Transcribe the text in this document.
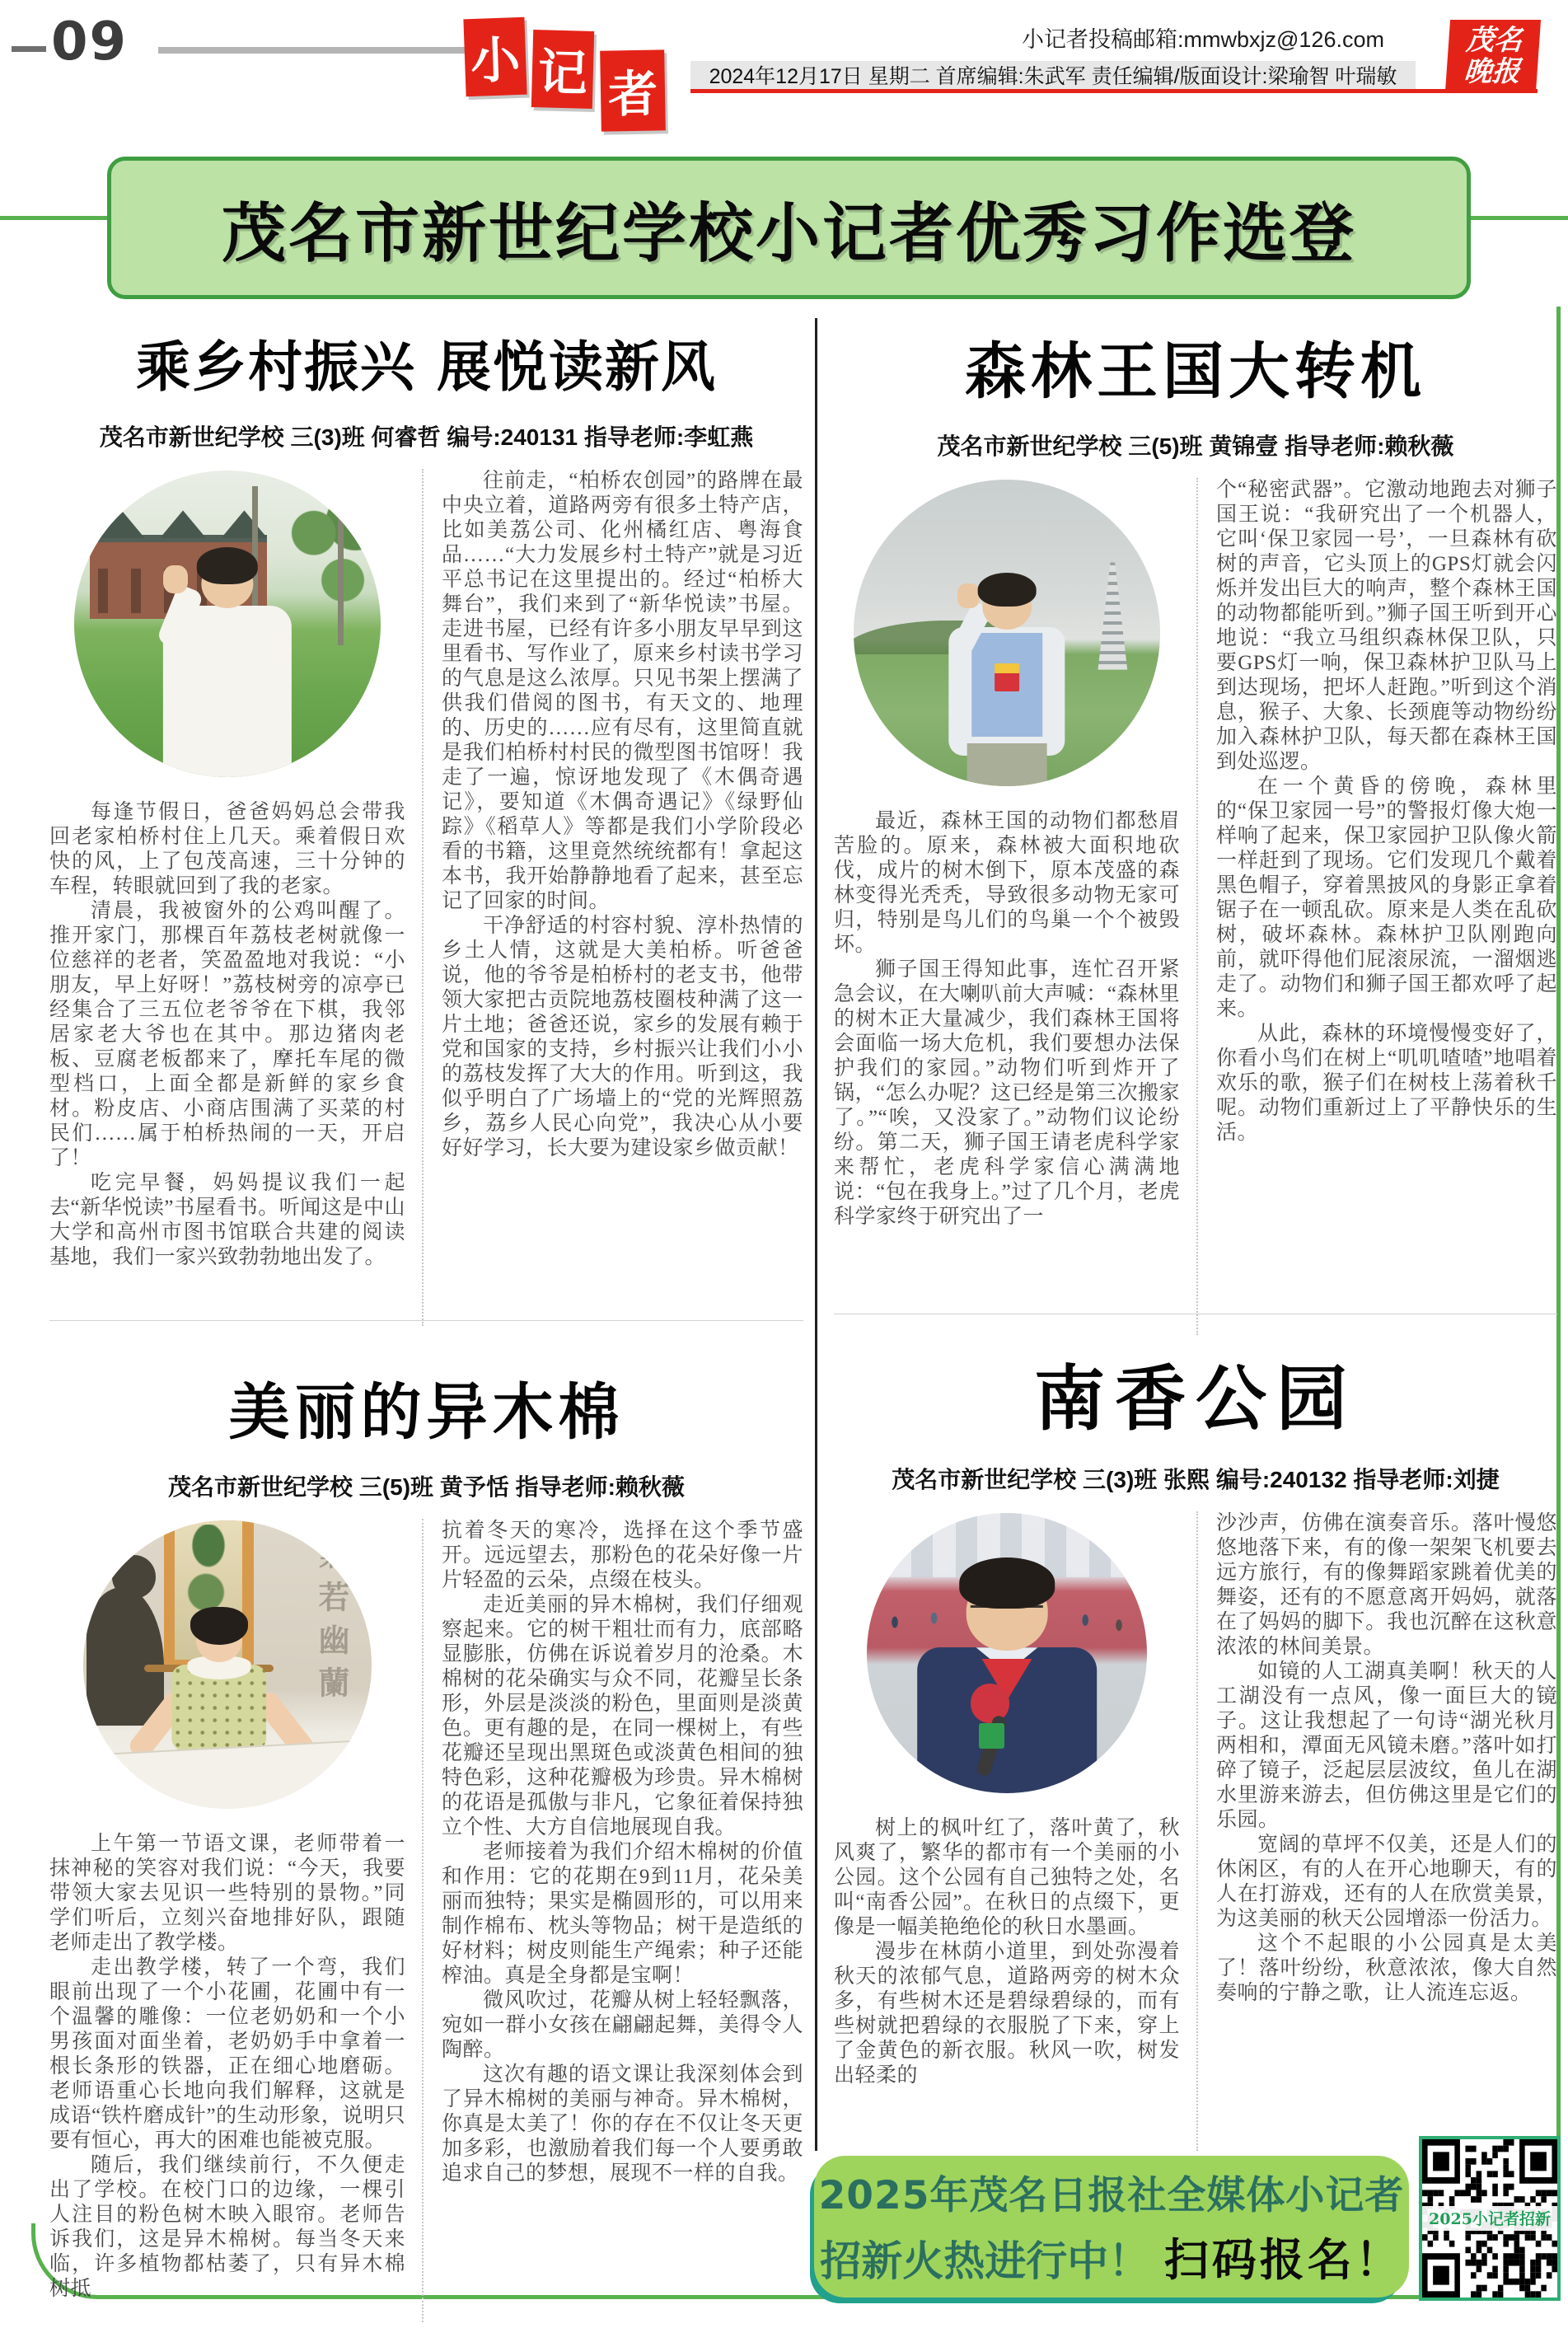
09	小 记 者
小记者投稿邮箱:mmwbxjz@126.com
2024年12月17日 星期二 首席编辑:朱武军 责任编辑/版面设计:梁瑜智 叶瑞敏
茂名
晚报
茂名市新世纪学校小记者优秀习作选登
乘乡村振兴 展悦读新风
茂名市新世纪学校 三(3)班 何睿哲 编号:240131 指导老师:李虹燕

每逢节假日，爸爸妈妈总会带我回老家柏桥村住上几天。乘着假日欢快的风，上了包茂高速，三十分钟的车程，转眼就回到了我的老家。

清晨，我被窗外的公鸡叫醒了。推开家门，那棵百年荔枝老树就像一位慈祥的老者，笑盈盈地对我说：“小朋友，早上好呀！”荔枝树旁的凉亭已经集合了三五位老爷爷在下棋，我邻居家老大爷也在其中。那边猪肉老板、豆腐老板都来了，摩托车尾的微型档口，上面全都是新鲜的家乡食材。粉皮店、小商店围满了买菜的村民们……属于柏桥热闹的一天，开启了！

吃完早餐，妈妈提议我们一起去“新华悦读”书屋看书。听闻这是中山大学和高州市图书馆联合共建的阅读基地，我们一家兴致勃勃地出发了。

往前走，“柏桥农创园”的路牌在最中央立着，道路两旁有很多土特产店，比如美荔公司、化州橘红店、粤海食品……“大力发展乡村土特产”就是习近平总书记在这里提出的。经过“柏桥大舞台”，我们来到了“新华悦读”书屋。走进书屋，已经有许多小朋友早早到这里看书、写作业了，原来乡村读书学习的气息是这么浓厚。只见书架上摆满了供我们借阅的图书，有天文的、地理的、历史的……应有尽有，这里简直就是我们柏桥村村民的微型图书馆呀！我走了一遍，惊讶地发现了《木偶奇遇记》，要知道《木偶奇遇记》《绿野仙踪》《稻草人》等都是我们小学阶段必看的书籍，这里竟然统统都有！拿起这本书，我开始静静地看了起来，甚至忘记了回家的时间。

干净舒适的村容村貌、淳朴热情的乡土人情，这就是大美柏桥。听爸爸说，他的爷爷是柏桥村的老支书，他带领大家把古贡院地荔枝圈枝种满了这一片土地；爸爸还说，家乡的发展有赖于党和国家的支持，乡村振兴让我们小小的荔枝发挥了大大的作用。听到这，我似乎明白了广场墙上的“党的光辉照荔乡，荔乡人民心向党”，我决心从小要好好学习，长大要为建设家乡做贡献！

森林王国大转机
茂名市新世纪学校 三(5)班 黄锦壹 指导老师:赖秋薇

最近，森林王国的动物们都愁眉苦脸的。原来，森林被大面积地砍伐，成片的树木倒下，原本茂盛的森林变得光秃秃，导致很多动物无家可归，特别是鸟儿们的鸟巢一个个被毁坏。

狮子国王得知此事，连忙召开紧急会议，在大喇叭前大声喊：“森林里的树木正大量减少，我们森林王国将会面临一场大危机，我们要想办法保护我们的家园。”动物们听到炸开了锅，“怎么办呢？这已经是第三次搬家了。”“唉，又没家了。”动物们议论纷纷。第二天，狮子国王请老虎科学家来帮忙，老虎科学家信心满满地说：“包在我身上。”过了几个月，老虎科学家终于研究出了一

个“秘密武器”。它激动地跑去对狮子国王说：“我研究出了一个机器人，它叫‘保卫家园一号’，一旦森林有砍树的声音，它头顶上的GPS灯就会闪烁并发出巨大的响声，整个森林王国的动物都能听到。”狮子国王听到开心地说：“我立马组织森林保卫队，只要GPS灯一响，保卫森林护卫队马上到达现场，把坏人赶跑。”听到这个消息，猴子、大象、长颈鹿等动物纷纷加入森林护卫队，每天都在森林王国到处巡逻。

在一个黄昏的傍晚，森林里的“保卫家园一号”的警报灯像大炮一样响了起来，保卫家园护卫队像火箭一样赶到了现场。它们发现几个戴着黑色帽子，穿着黑披风的身影正拿着锯子在一顿乱砍。原来是人类在乱砍树，破坏森林。森林护卫队刚跑向前，就吓得他们屁滚尿流，一溜烟逃走了。动物们和狮子国王都欢呼了起来。

从此，森林的环境慢慢变好了，你看小鸟们在树上“叽叽喳喳”地唱着欢乐的歌，猴子们在树枝上荡着秋千呢。动物们重新过上了平静快乐的生活。

美丽的异木棉
茂名市新世纪学校 三(5)班 黄予恬 指导老师:赖秋薇
氣若幽蘭

上午第一节语文课，老师带着一抹神秘的笑容对我们说：“今天，我要带领大家去见识一些特别的景物。”同学们听后，立刻兴奋地排好队，跟随老师走出了教学楼。

走出教学楼，转了一个弯，我们眼前出现了一个小花圃，花圃中有一个温馨的雕像：一位老奶奶和一个小男孩面对面坐着，老奶奶手中拿着一根长条形的铁器，正在细心地磨砺。老师语重心长地向我们解释，这就是成语“铁杵磨成针”的生动形象，说明只要有恒心，再大的困难也能被克服。

随后，我们继续前行，不久便走出了学校。在校门口的边缘，一棵引人注目的粉色树木映入眼帘。老师告诉我们，这是异木棉树。每当冬天来临，许多植物都枯萎了，只有异木棉树抵

抗着冬天的寒冷，选择在这个季节盛开。远远望去，那粉色的花朵好像一片片轻盈的云朵，点缀在枝头。

走近美丽的异木棉树，我们仔细观察起来。它的树干粗壮而有力，底部略显膨胀，仿佛在诉说着岁月的沧桑。木棉树的花朵确实与众不同，花瓣呈长条形，外层是淡淡的粉色，里面则是淡黄色。更有趣的是，在同一棵树上，有些花瓣还呈现出黑斑色或淡黄色相间的独特色彩，这种花瓣极为珍贵。异木棉树的花语是孤傲与非凡，它象征着保持独立个性、大方自信地展现自我。

老师接着为我们介绍木棉树的价值和作用：它的花期在9到11月，花朵美丽而独特；果实是椭圆形的，可以用来制作棉布、枕头等物品；树干是造纸的好材料；树皮则能生产绳索；种子还能榨油。真是全身都是宝啊！

微风吹过，花瓣从树上轻轻飘落，宛如一群小女孩在翩翩起舞，美得令人陶醉。

这次有趣的语文课让我深刻体会到了异木棉树的美丽与神奇。异木棉树，你真是太美了！你的存在不仅让冬天更加多彩，也激励着我们每一个人要勇敢追求自己的梦想，展现不一样的自我。

南香公园
茂名市新世纪学校 三(3)班 张熙 编号:240132 指导老师:刘捷

树上的枫叶红了，落叶黄了，秋风爽了，繁华的都市有一个美丽的小公园。这个公园有自己独特之处，名叫“南香公园”。在秋日的点缀下，更像是一幅美艳绝伦的秋日水墨画。

漫步在林荫小道里，到处弥漫着秋天的浓郁气息，道路两旁的树木众多，有些树木还是碧绿碧绿的，而有些树就把碧绿的衣服脱了下来，穿上了金黄色的新衣服。秋风一吹，树发出轻柔的

沙沙声，仿佛在演奏音乐。落叶慢悠悠地落下来，有的像一架架飞机要去远方旅行，有的像舞蹈家跳着优美的舞姿，还有的不愿意离开妈妈，就落在了妈妈的脚下。我也沉醉在这秋意浓浓的林间美景。

如镜的人工湖真美啊！秋天的人工湖没有一点风，像一面巨大的镜子。这让我想起了一句诗“湖光秋月两相和，潭面无风镜未磨。”落叶如打碎了镜子，泛起层层波纹，鱼儿在湖水里游来游去，但仿佛这里是它们的乐园。

宽阔的草坪不仅美，还是人们的休闲区，有的人在开心地聊天，有的人在打游戏，还有的人在欣赏美景，为这美丽的秋天公园增添一份活力。

这个不起眼的小公园真是太美了！落叶纷纷，秋意浓浓，像大自然奏响的宁静之歌，让人流连忘返。

2025年茂名日报社全媒体小记者
招新火热进行中！ 扫码报名！
2025小记者招新
